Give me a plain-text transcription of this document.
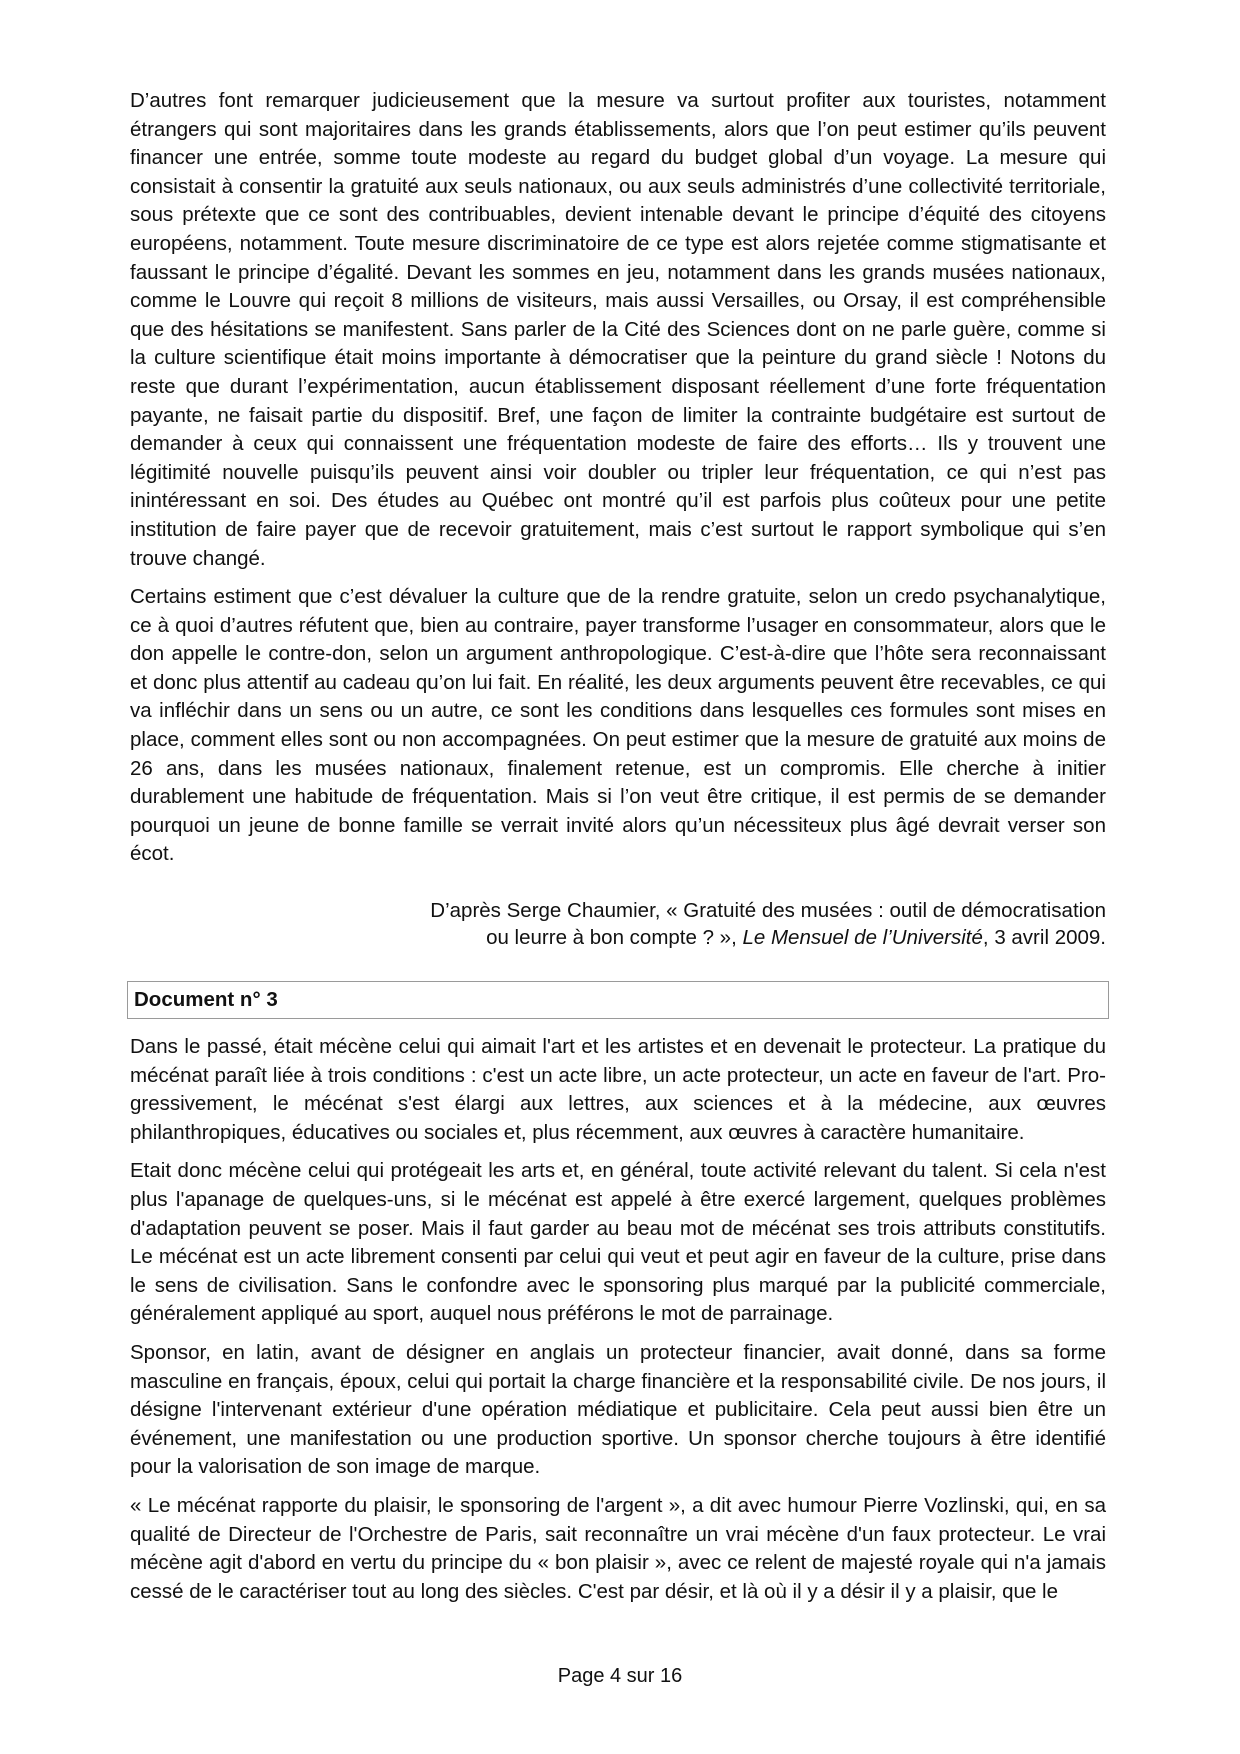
D’autres font remarquer judicieusement que la mesure va surtout profiter aux touristes, notamment étrangers qui sont majoritaires dans les grands établissements, alors que l’on peut estimer qu’ils peuvent financer une entrée, somme toute modeste au regard du budget global d’un voyage. La mesure qui consistait à consentir la gratuité aux seuls nationaux, ou aux seuls administrés d’une collectivité territoriale, sous prétexte que ce sont des contribuables, devient intenable devant le principe d’équité des citoyens européens, notamment. Toute mesure discriminatoire de ce type est alors rejetée comme stigmatisante et faussant le principe d’égalité. Devant les sommes en jeu, notamment dans les grands musées nationaux, comme le Louvre qui reçoit 8 millions de visiteurs, mais aussi Versailles, ou Orsay, il est compréhensible que des hésitations se manifestent. Sans parler de la Cité des Sciences dont on ne parle guère, comme si la culture scientifique était moins importante à démocratiser que la peinture du grand siècle ! Notons du reste que durant l’expérimentation, aucun établissement disposant réellement d’une forte fréquentation payante, ne faisait partie du dispositif. Bref, une façon de limiter la contrainte budgétaire est surtout de demander à ceux qui connaissent une fréquentation modeste de faire des efforts… Ils y trouvent une légitimité nouvelle puisqu’ils peuvent ainsi voir doubler ou tripler leur fréquentation, ce qui n’est pas inintéressant en soi. Des études au Québec ont montré qu’il est parfois plus coûteux pour une petite institution de faire payer que de recevoir gratuitement, mais c’est surtout le rapport symbolique qui s’en trouve changé.

Certains estiment que c’est dévaluer la culture que de la rendre gratuite, selon un credo psychanalytique, ce à quoi d’autres réfutent que, bien au contraire, payer transforme l’usager en consommateur, alors que le don appelle le contre-don, selon un argument anthropologique. C’est-à-dire que l’hôte sera reconnaissant et donc plus attentif au cadeau qu’on lui fait. En réalité, les deux arguments peuvent être recevables, ce qui va infléchir dans un sens ou un autre, ce sont les conditions dans lesquelles ces formules sont mises en place, comment elles sont ou non accompagnées. On peut estimer que la mesure de gratuité aux moins de 26 ans, dans les musées nationaux, finalement retenue, est un compromis. Elle cherche à initier durablement une habitude de fréquentation. Mais si l’on veut être critique, il est permis de se demander pourquoi un jeune de bonne famille se verrait invité alors qu’un nécessiteux plus âgé devrait verser son écot.

D’après Serge Chaumier, « Gratuité des musées : outil de démocratisation
ou leurre à bon compte ? », Le Mensuel de l’Université, 3 avril 2009.
Document n° 3

Dans le passé, était mécène celui qui aimait l'art et les artistes et en devenait le protecteur. La pratique du mécénat paraît liée à trois conditions : c'est un acte libre, un acte protecteur, un acte en faveur de l'art. Pro-gressivement, le mécénat s'est élargi aux lettres, aux sciences et à la médecine, aux œuvres philanthropiques, éducatives ou sociales et, plus récemment, aux œuvres à caractère humanitaire.

Etait donc mécène celui qui protégeait les arts et, en général, toute activité relevant du talent. Si cela n'est plus l'apanage de quelques-uns, si le mécénat est appelé à être exercé largement, quelques problèmes d'adaptation peuvent se poser. Mais il faut garder au beau mot de mécénat ses trois attributs constitutifs. Le mécénat est un acte librement consenti par celui qui veut et peut agir en faveur de la culture, prise dans le sens de civilisation. Sans le confondre avec le sponsoring plus marqué par la publicité commerciale, généralement appliqué au sport, auquel nous préférons le mot de parrainage.

Sponsor, en latin, avant de désigner en anglais un protecteur financier, avait donné, dans sa forme masculine en français, époux, celui qui portait la charge financière et la responsabilité civile. De nos jours, il désigne l'intervenant extérieur d'une opération médiatique et publicitaire. Cela peut aussi bien être un événement, une manifestation ou une production sportive. Un sponsor cherche toujours à être identifié pour la valorisation de son image de marque.

« Le mécénat rapporte du plaisir, le sponsoring de l'argent », a dit avec humour Pierre Vozlinski, qui, en sa qualité de Directeur de l'Orchestre de Paris, sait reconnaître un vrai mécène d'un faux protecteur. Le vrai mécène agit d'abord en vertu du principe du « bon plaisir », avec ce relent de majesté royale qui n'a jamais cessé de le caractériser tout au long des siècles. C'est par désir, et là où il y a désir il y a plaisir, que le

Page 4 sur 16
